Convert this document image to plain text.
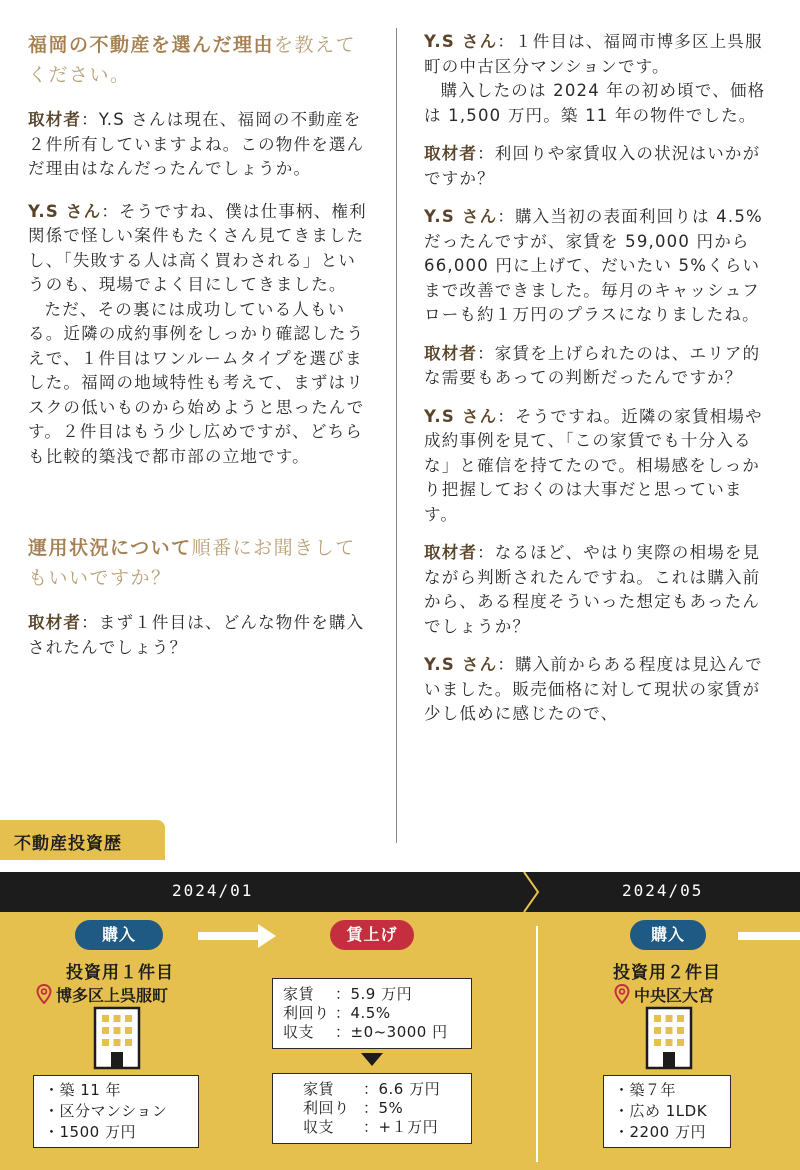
福岡の不動産を選んだ理由を教えてください。

取材者：Y.S さんは現在、福岡の不動産を２件所有していますよね。この物件を選んだ理由はなんだったんでしょうか。

Y.S さん：そうですね、僕は仕事柄、権利関係で怪しい案件もたくさん見てきましたし、「失敗する人は高く買わされる」というのも、現場でよく目にしてきました。

ただ、その裏には成功している人もいる。近隣の成約事例をしっかり確認したうえで、１件目はワンルームタイプを選びました。福岡の地域特性も考えて、まずはリスクの低いものから始めようと思ったんです。２件目はもう少し広めですが、どちらも比較的築浅で都市部の立地です。

運用状況について順番にお聞きしてもいいですか？

取材者：まず１件目は、どんな物件を購入されたんでしょう？

Y.S さん：１件目は、福岡市博多区上呉服町の中古区分マンションです。

購入したのは 2024 年の初め頃で、価格は 1,500 万円。築 11 年の物件でした。

取材者：利回りや家賃収入の状況はいかがですか？

Y.S さん：購入当初の表面利回りは 4.5%だったんですが、家賃を 59,000 円から 66,000 円に上げて、だいたい 5%くらいまで改善できました。毎月のキャッシュフローも約１万円のプラスになりましたね。

取材者：家賃を上げられたのは、エリア的な需要もあっての判断だったんですか？

Y.S さん：そうですね。近隣の家賃相場や成約事例を見て、「この家賃でも十分入るな」と確信を持てたので。相場感をしっかり把握しておくのは大事だと思っています。

取材者：なるほど、やはり実際の相場を見ながら判断されたんですね。これは購入前から、ある程度そういった想定もあったんでしょうか？

Y.S さん：購入前からある程度は見込んでいました。販売価格に対して現状の家賃が少し低めに感じたので、

不動産投資歴
2024/01	2024/05
購入
投資用１件目
博多区上呉服町
・築 11 年
・区分マンション
・1500 万円
賃上げ
家賃 ：5.9 万円
利回り ：4.5%
収支 ：±0~3000 円
家賃 ：6.6 万円
利回り ：5%
収支 ：+１万円
購入
投資用２件目
中央区大宮
・築７年
・広め 1LDK
・2200 万円
